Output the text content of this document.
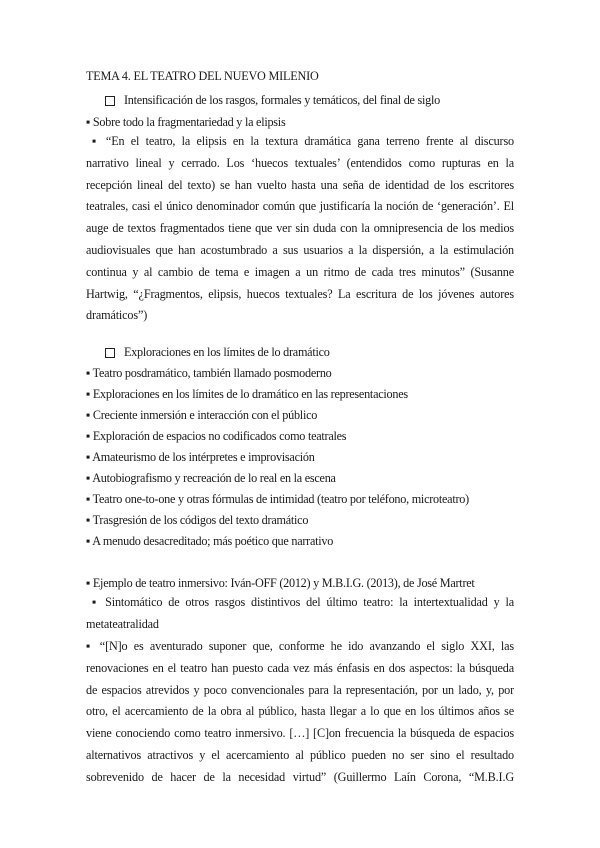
TEMA 4. EL TEATRO DEL NUEVO MILENIO
Intensificación de los rasgos, formales y temáticos, del final de siglo
▪ Sobre todo la fragmentariedad y la elipsis
▪ “En el teatro, la elipsis en la textura dramática gana terreno frente al discurso
narrativo lineal y cerrado. Los ‘huecos textuales’ (entendidos como rupturas en la
recepción lineal del texto) se han vuelto hasta una seña de identidad de los escritores
teatrales, casi el único denominador común que justificaría la noción de ‘generación’. El
auge de textos fragmentados tiene que ver sin duda con la omnipresencia de los medios
audiovisuales que han acostumbrado a sus usuarios a la dispersión, a la estimulación
continua y al cambio de tema e imagen a un ritmo de cada tres minutos” (Susanne
Hartwig, “¿Fragmentos, elipsis, huecos textuales? La escritura de los jóvenes autores
dramáticos”)
Exploraciones en los límites de lo dramático
▪ Teatro posdramático, también llamado posmoderno
▪ Exploraciones en los límites de lo dramático en las representaciones
▪ Creciente inmersión e interacción con el público
▪ Exploración de espacios no codificados como teatrales
▪ Amateurismo de los intérpretes e improvisación
▪ Autobiografismo y recreación de lo real en la escena
▪ Teatro one-to-one y otras fórmulas de intimidad (teatro por teléfono, microteatro)
▪ Trasgresión de los códigos del texto dramático
▪ A menudo desacreditado; más poético que narrativo
▪ Ejemplo de teatro inmersivo: Iván-OFF (2012) y M.B.I.G. (2013), de José Martret
▪ Sintomático de otros rasgos distintivos del último teatro: la intertextualidad y la
metateatralidad
▪ “[N]o es aventurado suponer que, conforme he ido avanzando el siglo XXI, las
renovaciones en el teatro han puesto cada vez más énfasis en dos aspectos: la búsqueda
de espacios atrevidos y poco convencionales para la representación, por un lado, y, por
otro, el acercamiento de la obra al público, hasta llegar a lo que en los últimos años se
viene conociendo como teatro inmersivo. […] [C]on frecuencia la búsqueda de espacios
alternativos atractivos y el acercamiento al público pueden no ser sino el resultado
sobrevenido de hacer de la necesidad virtud” (Guillermo Laín Corona, “M.B.I.G
